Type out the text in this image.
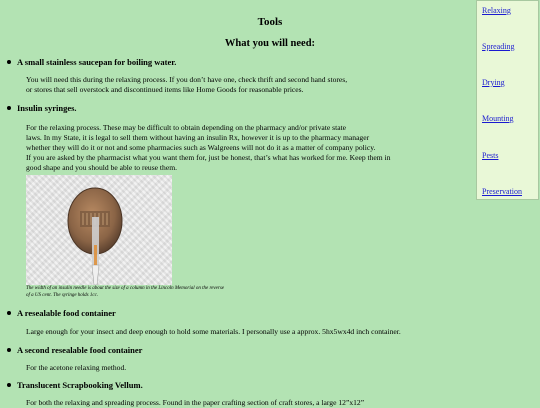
Tools
What you will need:
Relaxing
Spreading
Drying
Mounting
Pests
Preservation
A small stainless saucepan for boiling water.
You will need this during the relaxing process. If you don’t have one, check thrift and second hand stores,
or stores that sell overstock and discontinued items like Home Goods for reasonable prices.
Insulin syringes.
For the relaxing process. These may be difficult to obtain depending on the pharmacy and/or private state
laws. In my State, it is legal to sell them without having an insulin Rx, however it is up to the pharmacy manager
whether they will do it or not and some pharmacies such as Walgreens will not do it as a matter of company policy.
If you are asked by the pharmacist what you want them for, just be honest, that’s what has worked for me. Keep them in
good shape and you should be able to reuse them.
The width of an insulin needle is about the size of a column in the Lincoln Memorial on the reverse
of a US cent. The syringe holds 1cc.
A resealable food container
Large enough for your insect and deep enough to hold some materials. I personally use a approx. 5hx5wx4d inch container.
A second resealable food container
For the acetone relaxing method.
Translucent Scrapbooking Vellum.
For both the relaxing and spreading process. Found in the paper crafting section of craft stores, a large 12”x12”
